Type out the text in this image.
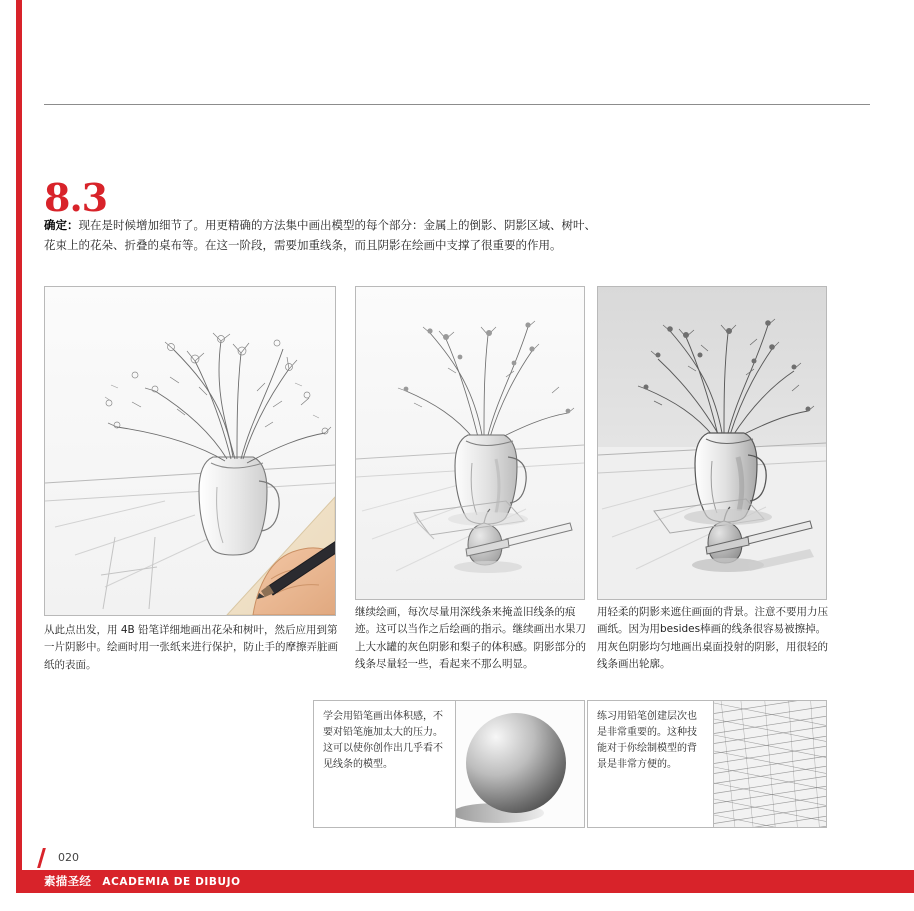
8.3
确定：现在是时候增加细节了。用更精确的方法集中画出模型的每个部分：金属上的倒影、阴影区域、树叶、花束上的花朵、折叠的桌布等。在这一阶段，需要加重线条，而且阴影在绘画中支撑了很重要的作用。
从此点出发，用 4B 铅笔详细地画出花朵和树叶，然后应用到第一片阴影中。绘画时用一张纸来进行保护，防止手的摩擦弄脏画纸的表面。
继续绘画，每次尽量用深线条来掩盖旧线条的痕迹。这可以当作之后绘画的指示。继续画出水果刀上大水罐的灰色阴影和梨子的体积感。阴影部分的线条尽量轻一些，看起来不那么明显。
用轻柔的阴影来遮住画面的背景。注意不要用力压画纸。因为用besides棒画的线条很容易被擦掉。用灰色阴影均匀地画出桌面投射的阴影，用很轻的线条画出轮廓。
学会用铅笔画出体积感，不要对铅笔施加太大的压力。这可以使你创作出几乎看不见线条的模型。
练习用铅笔创建层次也是非常重要的。这种技能对于你绘制模型的背景是非常方便的。
020
素描圣经 ACADEMIA DE DIBUJO
